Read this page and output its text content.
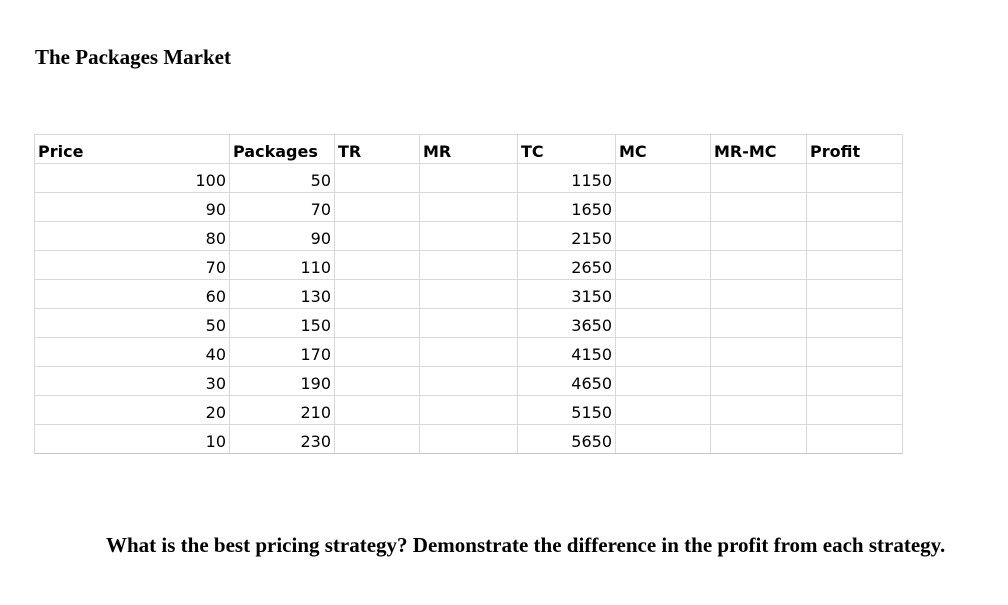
The Packages Market
Price	Packages	TR	MR	TC	MC	MR-MC	Profit
100	50			1150			
90	70			1650			
80	90			2150			
70	110			2650			
60	130			3150			
50	150			3650			
40	170			4150			
30	190			4650			
20	210			5150			
10	230			5650			

What is the best pricing strategy? Demonstrate the difference in the profit from each strategy.
